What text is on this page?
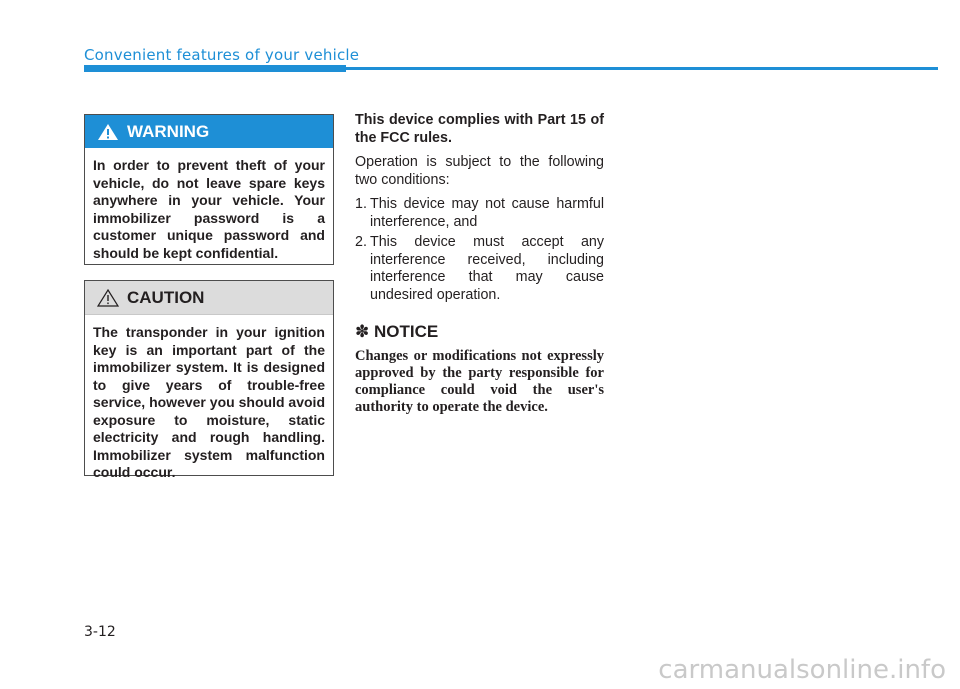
Convenient features of your vehicle
WARNING
In order to prevent theft of your vehicle, do not leave spare keys anywhere in your vehicle. Your immobilizer password is a customer unique password and should be kept confidential.
CAUTION
The transponder in your ignition key is an important part of the immobilizer system. It is designed to give years of trouble-free service, however you should avoid exposure to moisture, static electricity and rough handling. Immobilizer system malfunction could occur.

This device complies with Part 15 of the FCC rules.

Operation is subject to the following two conditions:

1. This device may not cause harmful interference, and
2. This device must accept any interference received, including interference that may cause undesired operation.
✽ NOTICE
Changes or modifications not expressly approved by the party responsible for compliance could void the user's authority to operate the device.
3-12
carmanualsonline.info
